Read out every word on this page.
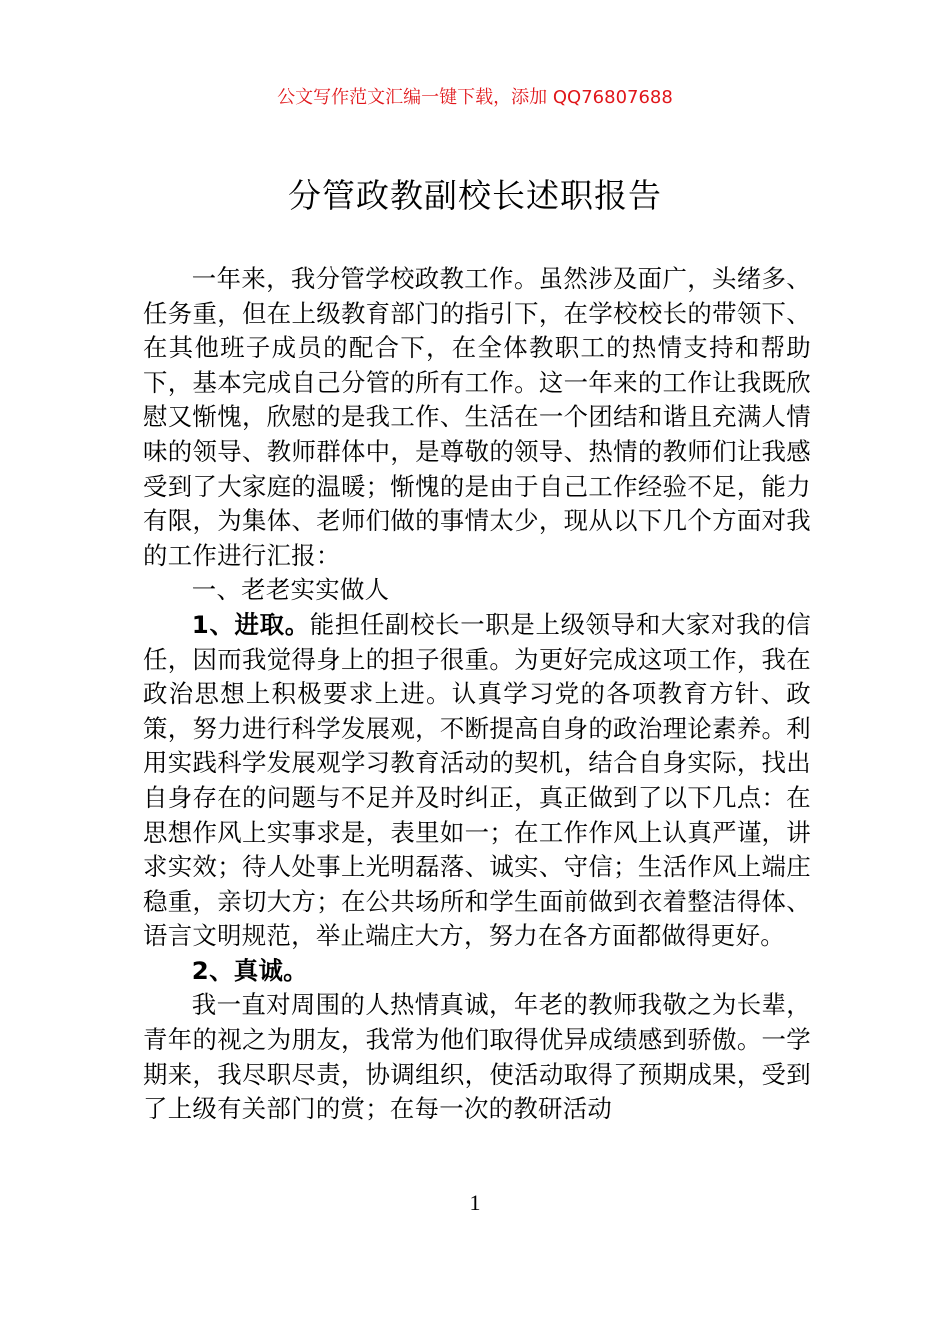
公文写作范文汇编一键下载，添加 QQ76807688
分管政教副校长述职报告

一年来，我分管学校政教工作。虽然涉及面广，头绪多、任务重，但在上级教育部门的指引下，在学校校长的带领下、在其他班子成员的配合下，在全体教职工的热情支持和帮助下，基本完成自己分管的所有工作。这一年来的工作让我既欣慰又惭愧，欣慰的是我工作、生活在一个团结和谐且充满人情味的领导、教师群体中，是尊敬的领导、热情的教师们让我感受到了大家庭的温暖；惭愧的是由于自己工作经验不足，能力有限，为集体、老师们做的事情太少，现从以下几个方面对我的工作进行汇报：

一、老老实实做人

1、进取。能担任副校长一职是上级领导和大家对我的信任，因而我觉得身上的担子很重。为更好完成这项工作，我在政治思想上积极要求上进。认真学习党的各项教育方针、政策，努力进行科学发展观，不断提高自身的政治理论素养。利用实践科学发展观学习教育活动的契机，结合自身实际，找出自身存在的问题与不足并及时纠正，真正做到了以下几点：在思想作风上实事求是，表里如一；在工作作风上认真严谨，讲求实效；待人处事上光明磊落、诚实、守信；生活作风上端庄稳重，亲切大方；在公共场所和学生面前做到衣着整洁得体、语言文明规范，举止端庄大方，努力在各方面都做得更好。

2、真诚。

我一直对周围的人热情真诚，年老的教师我敬之为长辈，青年的视之为朋友，我常为他们取得优异成绩感到骄傲。一学期来，我尽职尽责，协调组织，使活动取得了预期成果，受到了上级有关部门的赏；在每一次的教研活动

1
